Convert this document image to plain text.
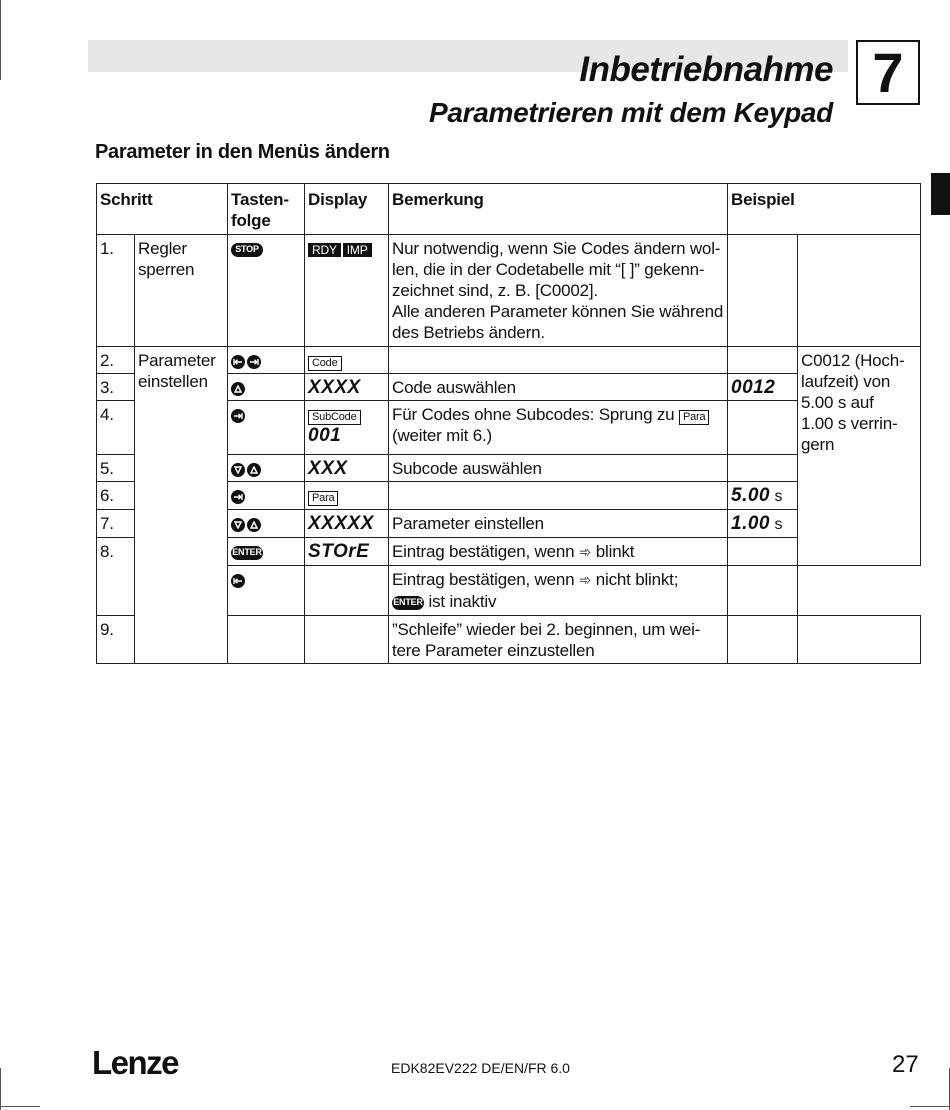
Inbetriebnahme 7
Parametrieren mit dem Keypad
Parameter in den Menüs ändern
Schritt		Tasten-
folge	Display	Bemerkung	Beispiel	
1.	Regler
sperren	STOP	RDY IMP	Nur notwendig, wenn Sie Codes ändern wol-
len, die in der Codetabelle mit “[ ]” gekenn-
zeichnet sind, z. B. [C0002].
Alle anderen Parameter können Sie während
des Betriebs ändern.		
2.	Parameter
einstellen		Code			C0012 (Hoch-
laufzeit) von
5.00 s auf
1.00 s verrin-
gern
3.			XXXX	Code auswählen	0012	
4.			SubCode
001	Für Codes ohne Subcodes: Sprung zu Para
(weiter mit 6.)		
5.			XXX	Subcode auswählen		
6.			Para		5.00 s	
7.			XXXXX	Parameter einstellen	1.00 s	
8.		ENTER	STOrE	Eintrag bestätigen, wenn ➾ blinkt		

		Eintrag bestätigen, wenn ➾ nicht blinkt;
ENTER ist inaktiv		
9.				”Schleife” wieder bei 2. beginnen, um wei-
tere Parameter einzustellen		
Lenze	EDK82EV222 DE/EN/FR 6.0	27
